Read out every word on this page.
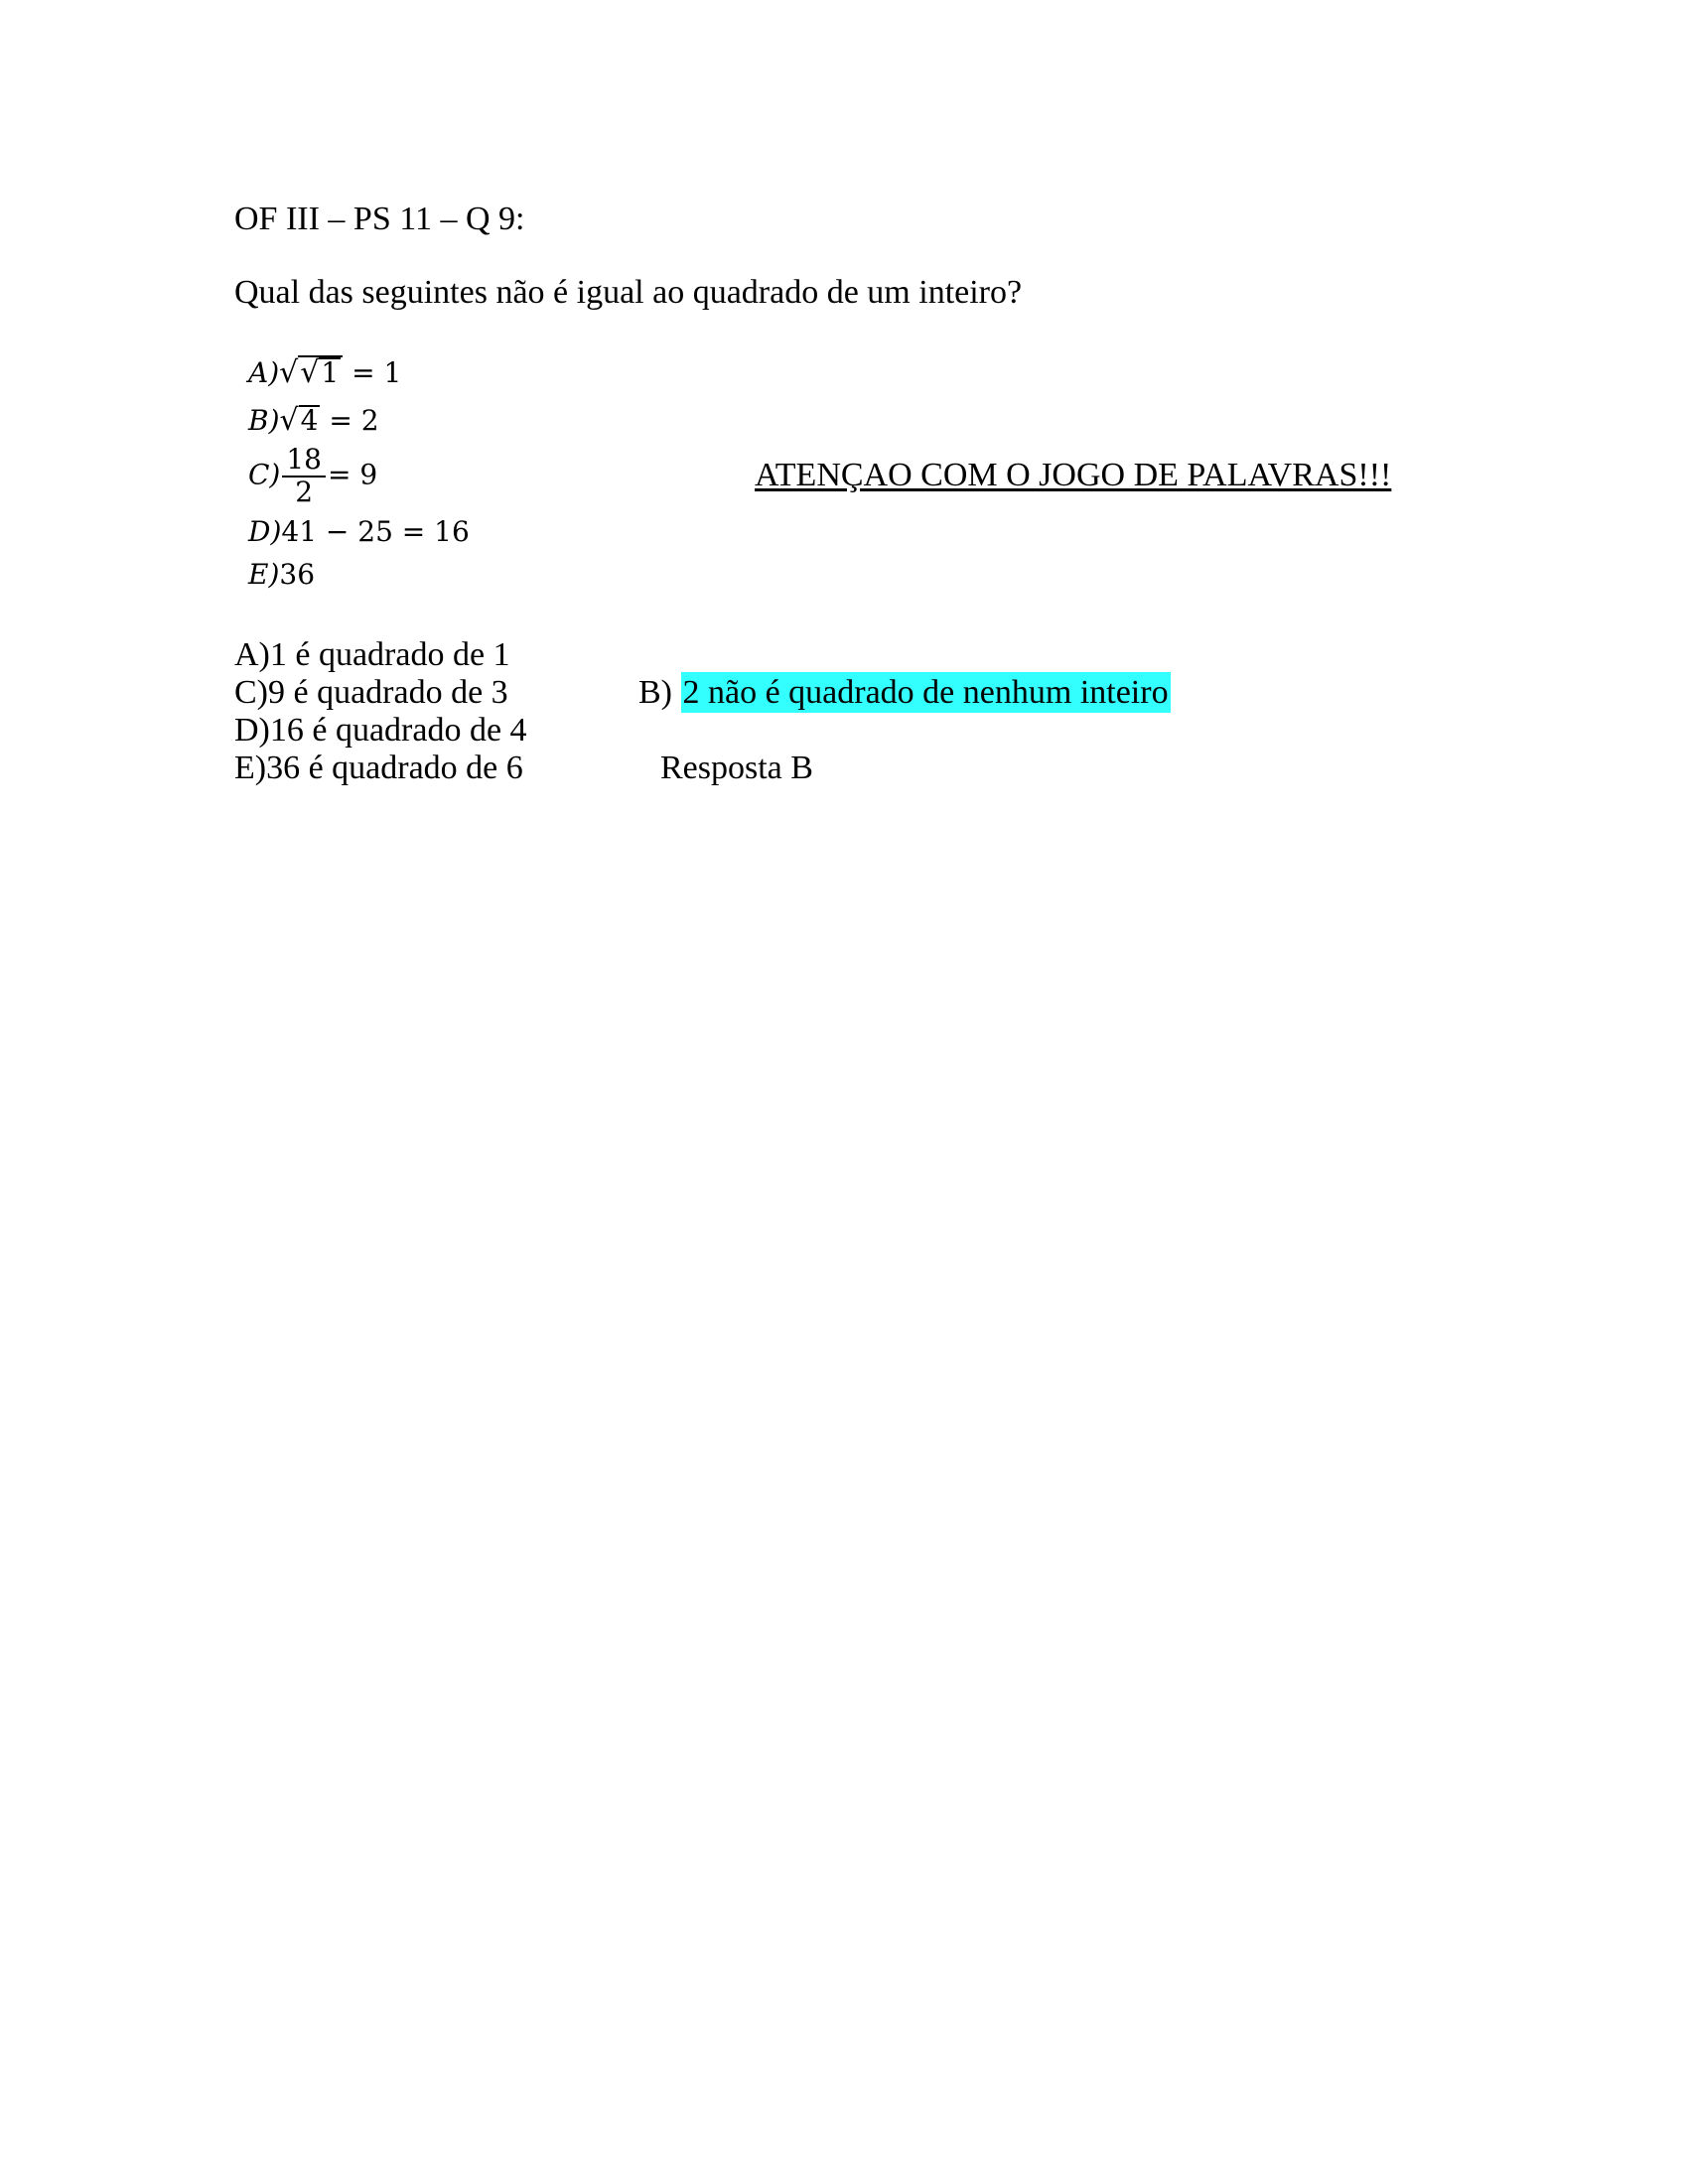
OF III – PS 11 – Q 9:
Qual das seguintes não é igual ao quadrado de um inteiro?
A)√√1 = 1
B)√4 = 2
$C) \frac{18}{2} = 9$
D)41 − 25 = 16
E)36
ATENÇAO COM O JOGO DE PALAVRAS!!!
A)1 é quadrado de 1
C)9 é quadrado de 3
D)16 é quadrado de 4
E)36 é quadrado de 6
B) 2 não é quadrado de nenhum inteiro
Resposta B
